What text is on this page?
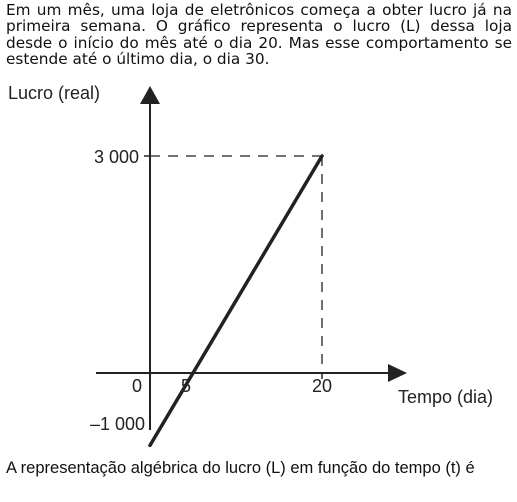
Em um mês, uma loja de eletrônicos começa a obter lucro já na primeira semana. O gráfico representa o lucro (L) dessa loja desde o início do mês até o dia 20. Mas esse comportamento se estende até o último dia, o dia 30.

Lucro (real)
Tempo (dia)
3 000
–1 000
0 5	20

A representação algébrica do lucro (L) em função do tempo (t) é
